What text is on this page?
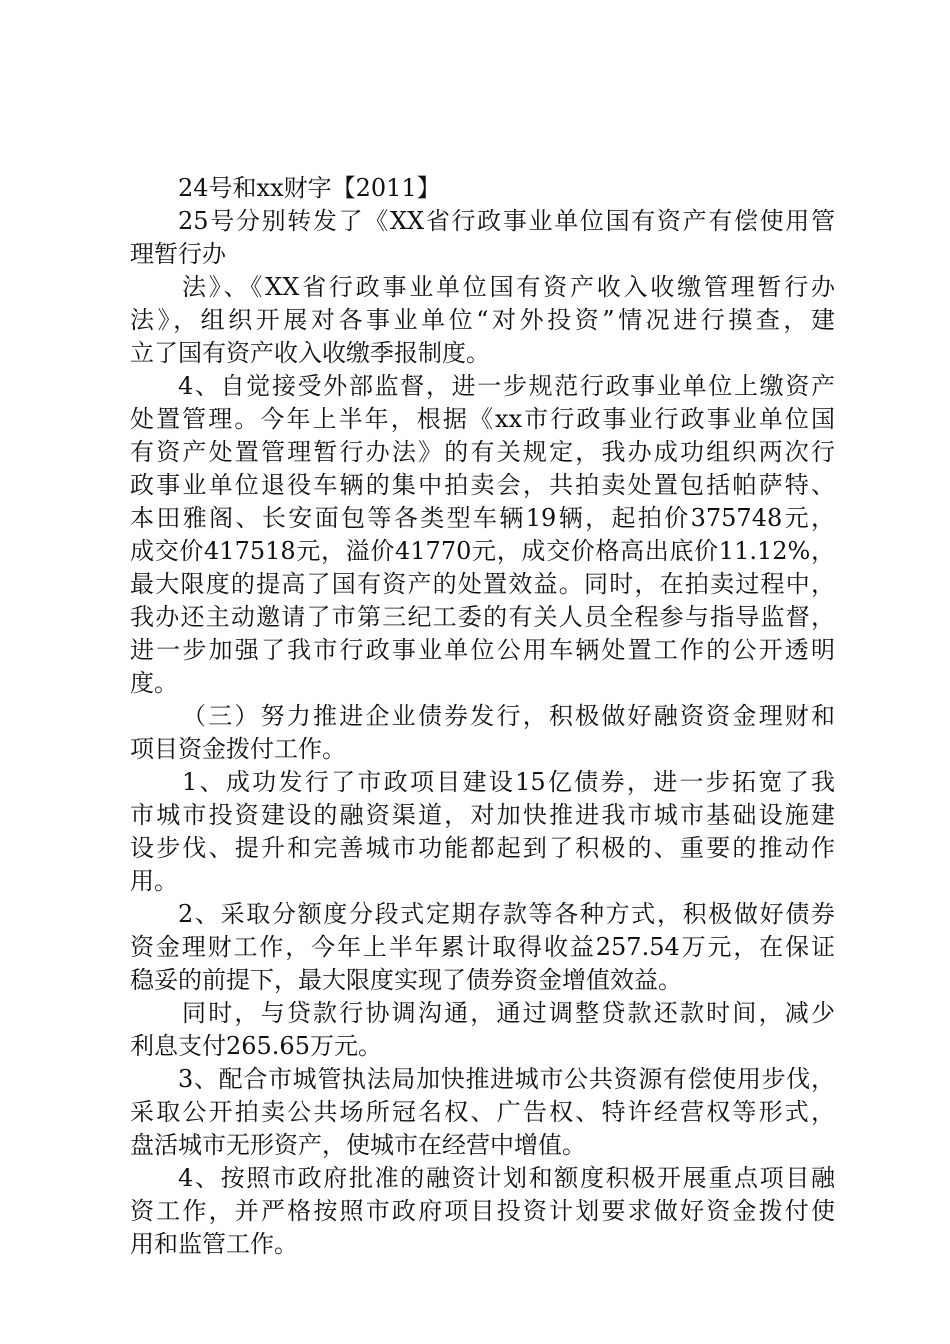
24号和xx财字【2011】
25号分别转发了《XX省行政事业单位国有资产有偿使用管
理暂行办
法》、《XX省行政事业单位国有资产收入收缴管理暂行办
法》，组织开展对各事业单位“对外投资”情况进行摸查，建
立了国有资产收入收缴季报制度。
4、自觉接受外部监督，进一步规范行政事业单位上缴资产
处置管理。今年上半年，根据《xx市行政事业行政事业单位国
有资产处置管理暂行办法》的有关规定，我办成功组织两次行
政事业单位退役车辆的集中拍卖会，共拍卖处置包括帕萨特、
本田雅阁、长安面包等各类型车辆19辆，起拍价375748元，
成交价417518元，溢价41770元，成交价格高出底价11.12%，
最大限度的提高了国有资产的处置效益。同时，在拍卖过程中，
我办还主动邀请了市第三纪工委的有关人员全程参与指导监督，
进一步加强了我市行政事业单位公用车辆处置工作的公开透明
度。
（三）努力推进企业债券发行，积极做好融资资金理财和
项目资金拨付工作。
1、成功发行了市政项目建设15亿债券，进一步拓宽了我
市城市投资建设的融资渠道，对加快推进我市城市基础设施建
设步伐、提升和完善城市功能都起到了积极的、重要的推动作
用。
2、采取分额度分段式定期存款等各种方式，积极做好债券
资金理财工作，今年上半年累计取得收益257.54万元，在保证
稳妥的前提下，最大限度实现了债券资金增值效益。
同时，与贷款行协调沟通，通过调整贷款还款时间，减少
利息支付265.65万元。
3、配合市城管执法局加快推进城市公共资源有偿使用步伐，
采取公开拍卖公共场所冠名权、广告权、特许经营权等形式，
盘活城市无形资产，使城市在经营中增值。
4、按照市政府批准的融资计划和额度积极开展重点项目融
资工作，并严格按照市政府项目投资计划要求做好资金拨付使
用和监管工作。
